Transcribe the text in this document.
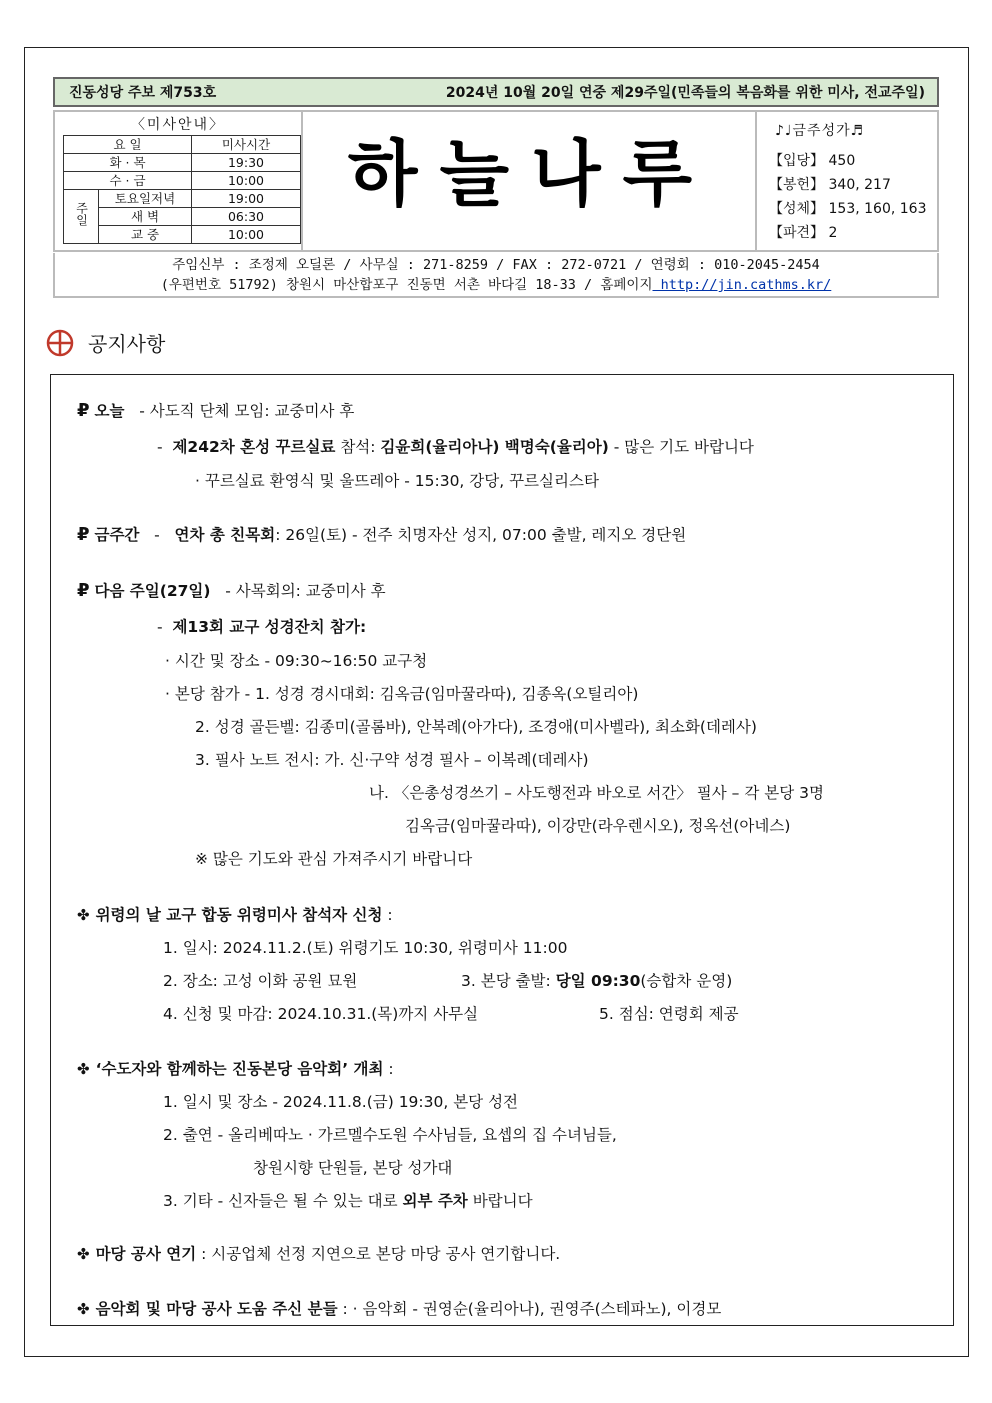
진동성당 주보 제753호	2024년 10월 20일 연중 제29주일(민족들의 복음화를 위한 미사, 전교주일)
〈미사안내〉
요 일		미사시간
화 · 목		19:30
수 · 금		10:00
주일	토요일저녁	19:00
	새 벽	06:30
	교 중	10:00
하늘나루
♪♩금주성가♬
【입당】 450
【봉헌】 340, 217
【성체】 153, 160, 163
【파견】 2
주임신부 : 조정제 오딜론 / 사무실 : 271-8259 / FAX : 272-0721 / 연령회 : 010-2045-2454
(우편번호 51792) 창원시 마산합포구 진동면 서촌 바다길 18-33 / 홈페이지 http://jin.cathms.kr/
공지사항
₽ 오늘 - 사도직 단체 모임: 교중미사 후
- 제242차 혼성 꾸르실료 참석: 김윤희(율리아나) 백명숙(율리아) - 많은 기도 바랍니다
· 꾸르실료 환영식 및 울뜨레아 - 15:30, 강당, 꾸르실리스타
₽ 금주간 - 연차 총 친목회: 26일(토) - 전주 치명자산 성지, 07:00 출발, 레지오 경단원
₽ 다음 주일(27일) - 사목회의: 교중미사 후
- 제13회 교구 성경잔치 참가:
· 시간 및 장소 - 09:30~16:50 교구청
· 본당 참가 - 1. 성경 경시대회: 김옥금(임마꿀라따), 김종옥(오틸리아)
2. 성경 골든벨: 김종미(골롬바), 안복례(아가다), 조경애(미사벨라), 최소화(데레사)
3. 필사 노트 전시: 가. 신·구약 성경 필사 – 이복례(데레사)
나. 〈은총성경쓰기 – 사도행전과 바오로 서간〉 필사 – 각 본당 3명
김옥금(임마꿀라따), 이강만(라우렌시오), 정옥선(아네스)
※ 많은 기도와 관심 가져주시기 바랍니다
✤ 위령의 날 교구 합동 위령미사 참석자 신청 :
1. 일시: 2024.11.2.(토) 위령기도 10:30, 위령미사 11:00
2. 장소: 고성 이화 공원 묘원	3. 본당 출발: 당일 09:30(승합차 운영)
4. 신청 및 마감: 2024.10.31.(목)까지 사무실	5. 점심: 연령회 제공
✤ ‘수도자와 함께하는 진동본당 음악회’ 개최 :
1. 일시 및 장소 - 2024.11.8.(금) 19:30, 본당 성전
2. 출연 - 올리베따노 · 가르멜수도원 수사님들, 요셉의 집 수녀님들,
창원시향 단원들, 본당 성가대
3. 기타 - 신자들은 될 수 있는 대로 외부 주차 바랍니다
✤ 마당 공사 연기 : 시공업체 선정 지연으로 본당 마당 공사 연기합니다.
✤ 음악회 및 마당 공사 도움 주신 분들 : · 음악회 - 권영순(율리아나), 권영주(스테파노), 이경모
